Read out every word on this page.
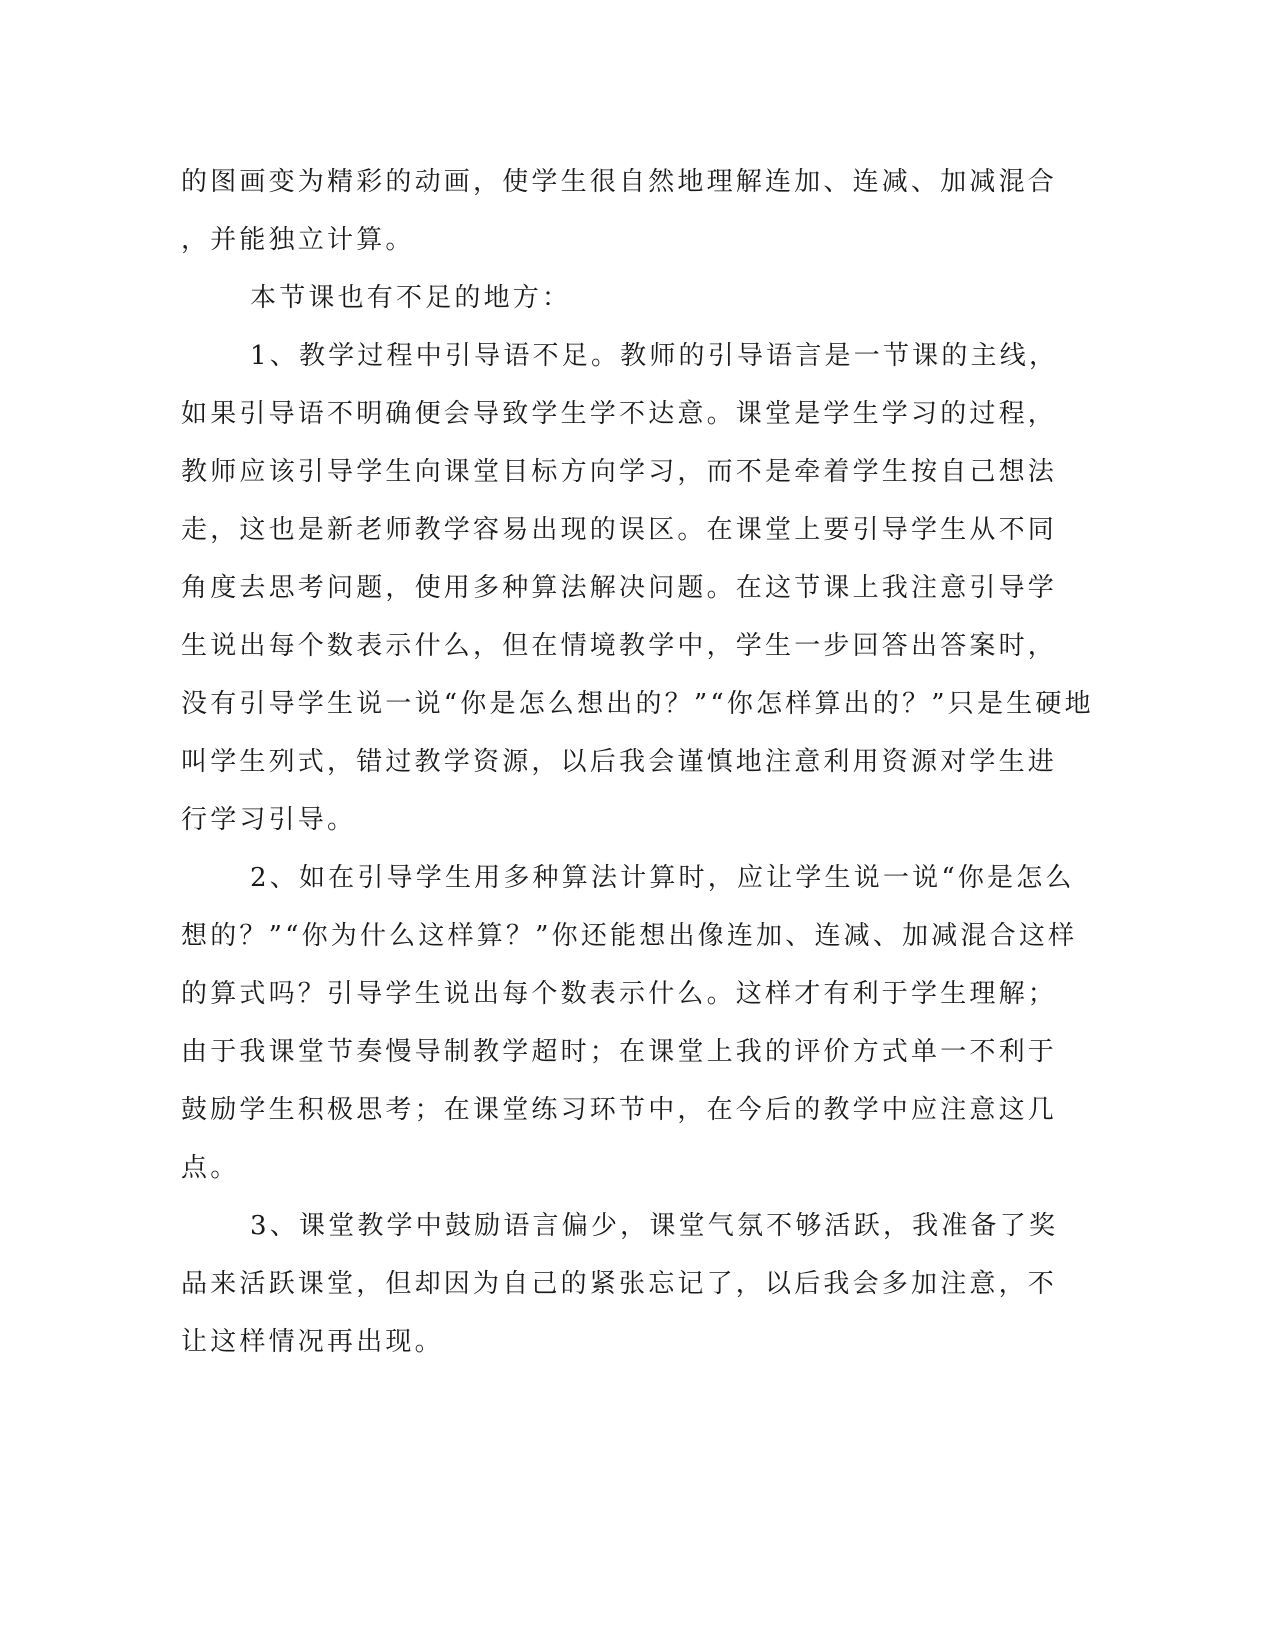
的图画变为精彩的动画，使学生很自然地理解连加、连减、加减混合
，并能独立计算。
本节课也有不足的地方：
1、教学过程中引导语不足。教师的引导语言是一节课的主线，
如果引导语不明确便会导致学生学不达意。课堂是学生学习的过程，
教师应该引导学生向课堂目标方向学习，而不是牵着学生按自己想法
走，这也是新老师教学容易出现的误区。在课堂上要引导学生从不同
角度去思考问题，使用多种算法解决问题。在这节课上我注意引导学
生说出每个数表示什么，但在情境教学中，学生一步回答出答案时，
没有引导学生说一说“你是怎么想出的？”“你怎样算出的？”只是生硬地
叫学生列式，错过教学资源，以后我会谨慎地注意利用资源对学生进
行学习引导。
2、如在引导学生用多种算法计算时，应让学生说一说“你是怎么
想的？”“你为什么这样算？”你还能想出像连加、连减、加减混合这样
的算式吗？引导学生说出每个数表示什么。这样才有利于学生理解；
由于我课堂节奏慢导制教学超时；在课堂上我的评价方式单一不利于
鼓励学生积极思考；在课堂练习环节中，在今后的教学中应注意这几
点。
3、课堂教学中鼓励语言偏少，课堂气氛不够活跃，我准备了奖
品来活跃课堂，但却因为自己的紧张忘记了，以后我会多加注意，不
让这样情况再出现。
